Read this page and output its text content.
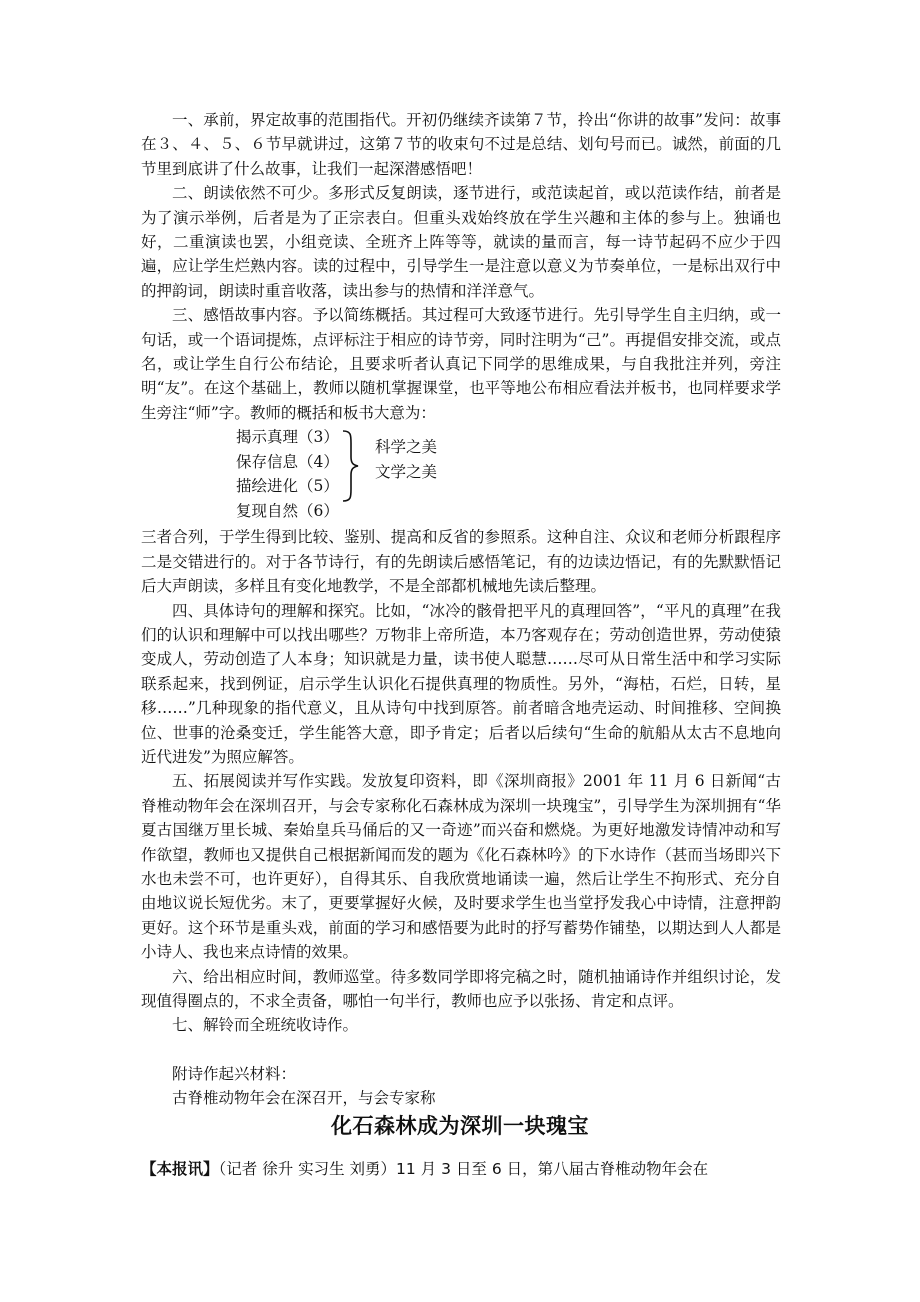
一、承前，界定故事的范围指代。开初仍继续齐读第７节，拎出“你讲的故事”发问：故事在３、４、５、６节早就讲过，这第７节的收束句不过是总结、划句号而已。诚然，前面的几节里到底讲了什么故事，让我们一起深潜感悟吧！

二、朗读依然不可少。多形式反复朗读，逐节进行，或范读起首，或以范读作结，前者是为了演示举例，后者是为了正宗表白。但重头戏始终放在学生兴趣和主体的参与上。独诵也好，二重演读也罢，小组竞读、全班齐上阵等等，就读的量而言，每一诗节起码不应少于四遍，应让学生烂熟内容。读的过程中，引导学生一是注意以意义为节奏单位，一是标出双行中的押韵词，朗读时重音收落，读出参与的热情和洋洋意气。

三、感悟故事内容。予以简练概括。其过程可大致逐节进行。先引导学生自主归纳，或一句话，或一个语词提炼，点评标注于相应的诗节旁，同时注明为“己”。再提倡安排交流，或点名，或让学生自行公布结论，且要求听者认真记下同学的思维成果，与自我批注并列，旁注明“友”。在这个基础上，教师以随机掌握课堂，也平等地公布相应看法并板书，也同样要求学生旁注“师”字。教师的概括和板书大意为：

揭示真理（3）
保存信息（4）
描绘进化（5）
复现自然（6）
科学之美
文学之美

三者合列，于学生得到比较、鉴别、提高和反省的参照系。这种自注、众议和老师分析跟程序二是交错进行的。对于各节诗行，有的先朗读后感悟笔记，有的边读边悟记，有的先默默悟记后大声朗读，多样且有变化地教学，不是全部都机械地先读后整理。

四、具体诗句的理解和探究。比如，“冰冷的骸骨把平凡的真理回答”，“平凡的真理”在我们的认识和理解中可以找出哪些？万物非上帝所造，本乃客观存在；劳动创造世界，劳动使猿变成人，劳动创造了人本身；知识就是力量，读书使人聪慧……尽可从日常生活中和学习实际联系起来，找到例证，启示学生认识化石提供真理的物质性。另外，“海枯，石烂，日转，星移……”几种现象的指代意义，且从诗句中找到原答。前者暗含地壳运动、时间推移、空间换位、世事的沧桑变迁，学生能答大意，即予肯定；后者以后续句“生命的航船从太古不息地向近代进发”为照应解答。

五、拓展阅读并写作实践。发放复印资料，即《深圳商报》2001 年 11 月 6 日新闻“古脊椎动物年会在深圳召开，与会专家称化石森林成为深圳一块瑰宝”，引导学生为深圳拥有“华夏古国继万里长城、秦始皇兵马俑后的又一奇迹”而兴奋和燃烧。为更好地激发诗情冲动和写作欲望，教师也又提供自己根据新闻而发的题为《化石森林吟》的下水诗作（甚而当场即兴下水也未尝不可，也许更好），自得其乐、自我欣赏地诵读一遍，然后让学生不拘形式、充分自由地议说长短优劣。末了，更要掌握好火候，及时要求学生也当堂抒发我心中诗情，注意押韵更好。这个环节是重头戏，前面的学习和感悟要为此时的抒写蓄势作铺垫，以期达到人人都是小诗人、我也来点诗情的效果。

六、给出相应时间，教师巡堂。待多数同学即将完稿之时，随机抽诵诗作并组织讨论，发现值得圈点的，不求全责备，哪怕一句半行，教师也应予以张扬、肯定和点评。

七、解铃而全班统收诗作。

附诗作起兴材料：

古脊椎动物年会在深召开，与会专家称

化石森林成为深圳一块瑰宝
【本报讯】（记者 徐升 实习生 刘勇）11 月 3 日至 6 日，第八届古脊椎动物年会在
